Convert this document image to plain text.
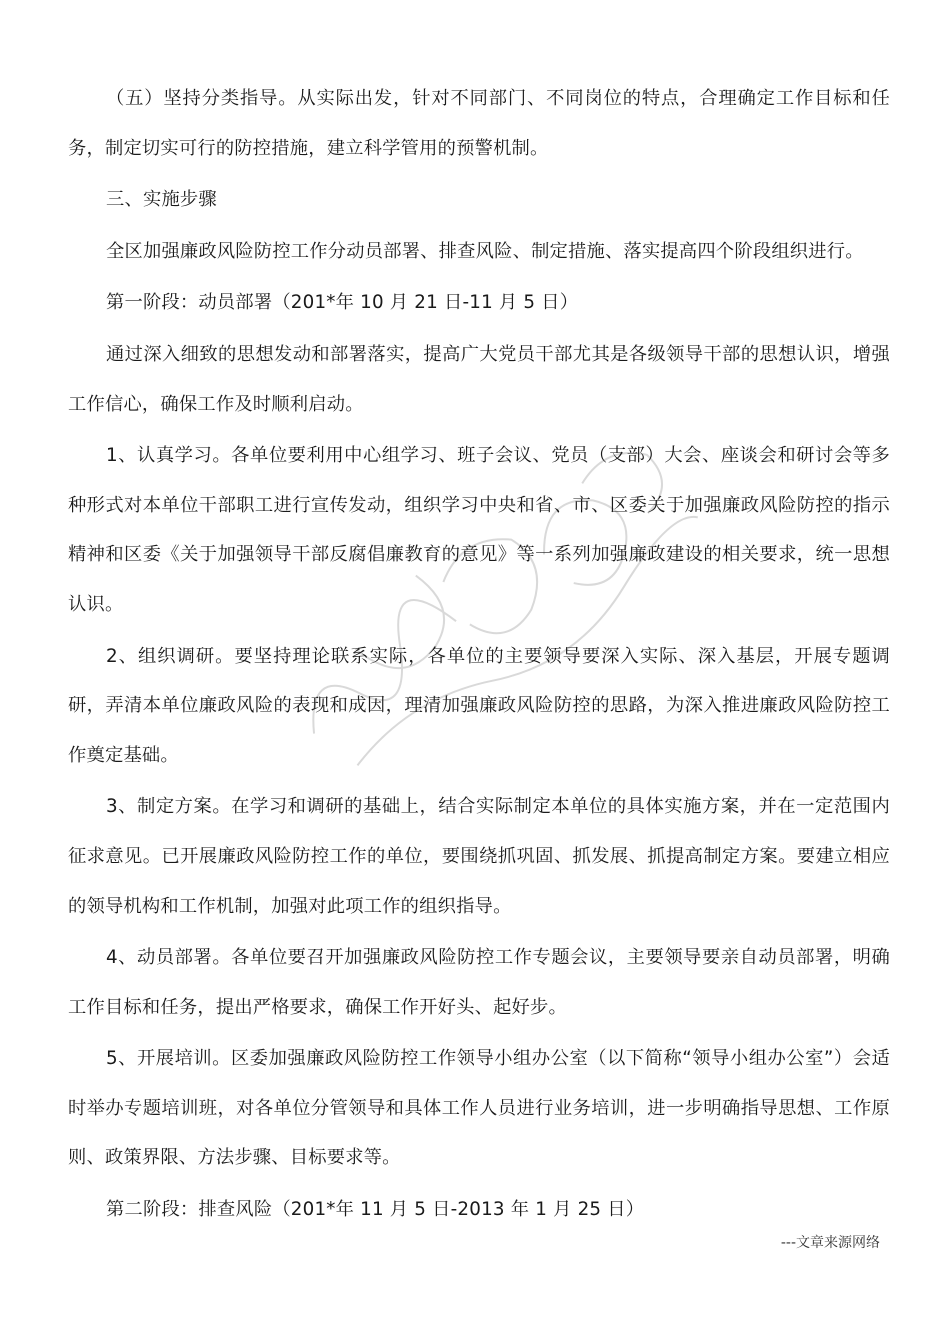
（五）坚持分类指导。从实际出发，针对不同部门、不同岗位的特点，合理确定工作目标和任务，制定切实可行的防控措施，建立科学管用的预警机制。

三、实施步骤

全区加强廉政风险防控工作分动员部署、排查风险、制定措施、落实提高四个阶段组织进行。

第一阶段：动员部署（201*年 10 月 21 日-11 月 5 日）

通过深入细致的思想发动和部署落实，提高广大党员干部尤其是各级领导干部的思想认识，增强工作信心，确保工作及时顺利启动。

1、认真学习。各单位要利用中心组学习、班子会议、党员（支部）大会、座谈会和研讨会等多种形式对本单位干部职工进行宣传发动，组织学习中央和省、市、区委关于加强廉政风险防控的指示精神和区委《关于加强领导干部反腐倡廉教育的意见》等一系列加强廉政建设的相关要求，统一思想认识。

2、组织调研。要坚持理论联系实际，各单位的主要领导要深入实际、深入基层，开展专题调研，弄清本单位廉政风险的表现和成因，理清加强廉政风险防控的思路，为深入推进廉政风险防控工作奠定基础。

3、制定方案。在学习和调研的基础上，结合实际制定本单位的具体实施方案，并在一定范围内征求意见。已开展廉政风险防控工作的单位，要围绕抓巩固、抓发展、抓提高制定方案。要建立相应的领导机构和工作机制，加强对此项工作的组织指导。

4、动员部署。各单位要召开加强廉政风险防控工作专题会议，主要领导要亲自动员部署，明确工作目标和任务，提出严格要求，确保工作开好头、起好步。

5、开展培训。区委加强廉政风险防控工作领导小组办公室（以下简称“领导小组办公室”）会适时举办专题培训班，对各单位分管领导和具体工作人员进行业务培训，进一步明确指导思想、工作原则、政策界限、方法步骤、目标要求等。

第二阶段：排查风险（201*年 11 月 5 日-2013 年 1 月 25 日）

---文章来源网络
